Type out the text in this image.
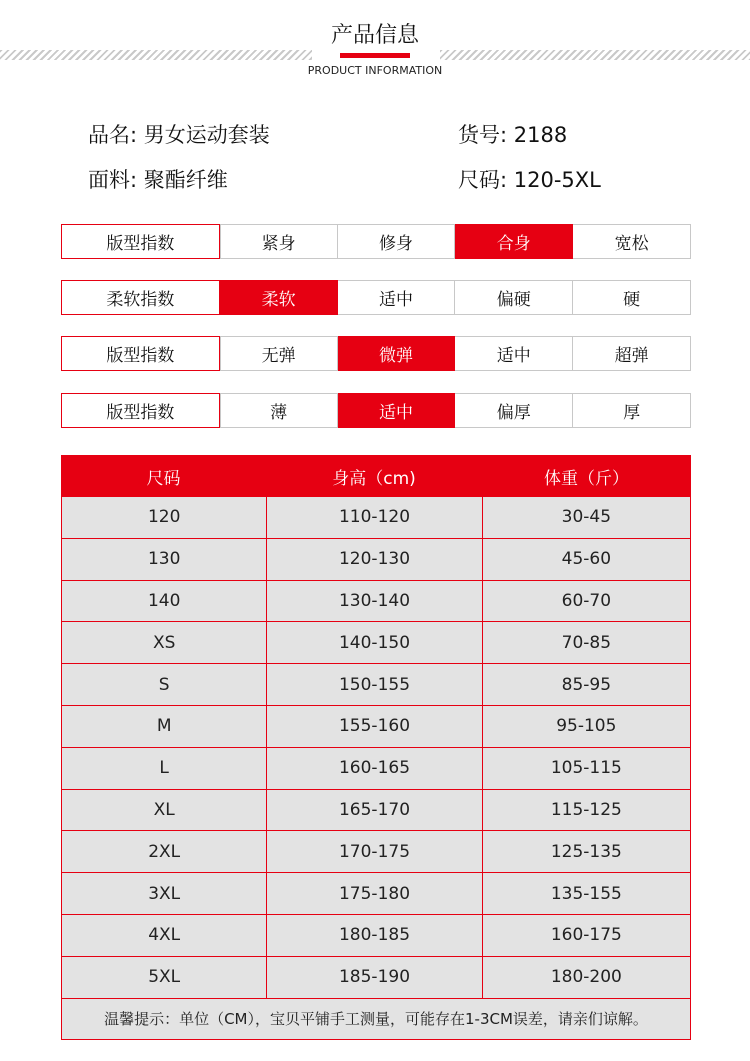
产品信息
PRODUCT INFORMATION
品名: 男女运动套装	货号: 2188
面料: 聚酯纤维	尺码: 120-5XL
版型指数	紧身	修身	合身	宽松
柔软指数	柔软	适中	偏硬	硬
版型指数	无弹	微弹	适中	超弹
版型指数	薄	适中	偏厚	厚
尺码	身高（cm)	体重（斤）
120	110-120	30-45
130	120-130	45-60
140	130-140	60-70
XS	140-150	70-85
S	150-155	85-95
M	155-160	95-105
L	160-165	105-115
XL	165-170	115-125
2XL	170-175	125-135
3XL	175-180	135-155
4XL	180-185	160-175
5XL	185-190	180-200
温馨提示：单位（CM），宝贝平铺手工测量，可能存在1-3CM误差，请亲们谅解。
